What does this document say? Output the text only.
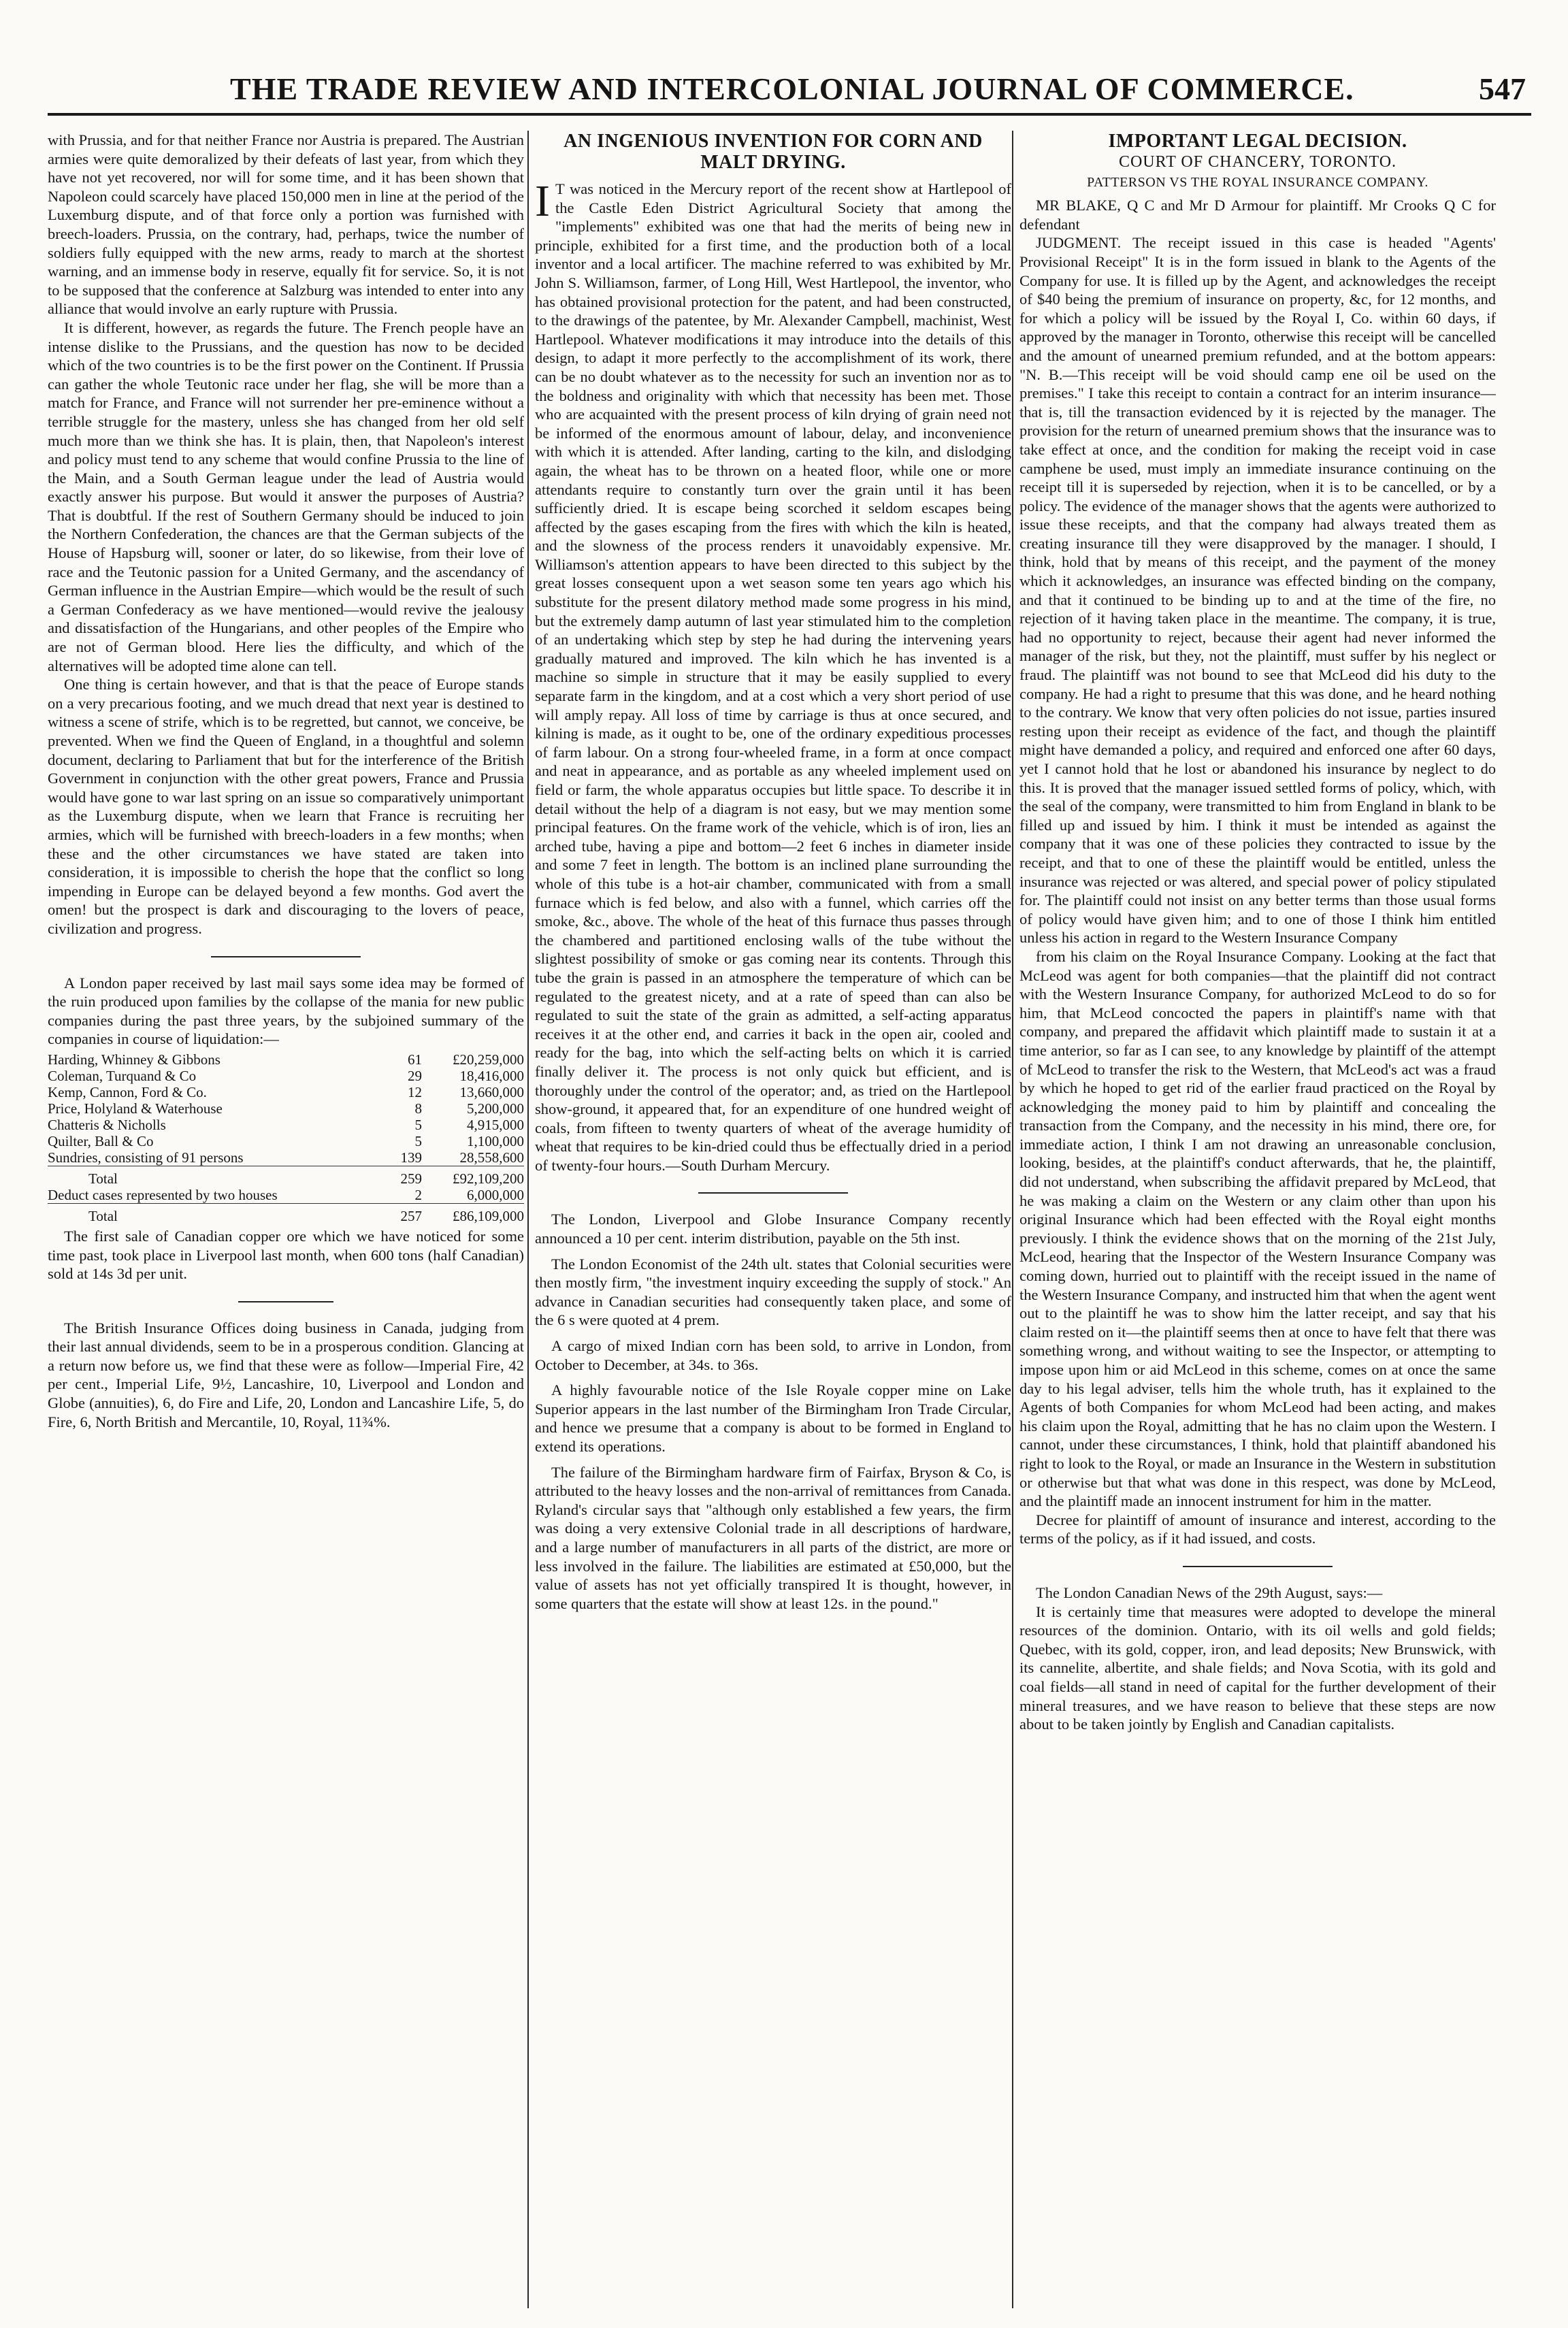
THE TRADE REVIEW AND INTERCOLONIAL JOURNAL OF COMMERCE.	547

with Prussia, and for that neither France nor Austria is prepared. The Austrian armies were quite demoralized by their defeats of last year, from which they have not yet recovered, nor will for some time, and it has been shown that Napoleon could scarcely have placed 150,000 men in line at the period of the Luxemburg dispute, and of that force only a portion was furnished with breech-loaders. Prussia, on the contrary, had, perhaps, twice the number of soldiers fully equipped with the new arms, ready to march at the shortest warning, and an immense body in reserve, equally fit for service. So, it is not to be supposed that the conference at Salzburg was intended to enter into any alliance that would involve an early rupture with Prussia.

It is different, however, as regards the future. The French people have an intense dislike to the Prussians, and the question has now to be decided which of the two countries is to be the first power on the Continent. If Prussia can gather the whole Teutonic race under her flag, she will be more than a match for France, and France will not surrender her pre-eminence without a terrible struggle for the mastery, unless she has changed from her old self much more than we think she has. It is plain, then, that Napoleon's interest and policy must tend to any scheme that would confine Prussia to the line of the Main, and a South German league under the lead of Austria would exactly answer his purpose. But would it answer the purposes of Austria? That is doubtful. If the rest of Southern Germany should be induced to join the Northern Confederation, the chances are that the German subjects of the House of Hapsburg will, sooner or later, do so likewise, from their love of race and the Teutonic passion for a United Germany, and the ascendancy of German influence in the Austrian Empire—which would be the result of such a German Confederacy as we have mentioned—would revive the jealousy and dissatisfaction of the Hungarians, and other peoples of the Empire who are not of German blood. Here lies the difficulty, and which of the alternatives will be adopted time alone can tell.

One thing is certain however, and that is that the peace of Europe stands on a very precarious footing, and we much dread that next year is destined to witness a scene of strife, which is to be regretted, but cannot, we conceive, be prevented. When we find the Queen of England, in a thoughtful and solemn document, declaring to Parliament that but for the interference of the British Government in conjunction with the other great powers, France and Prussia would have gone to war last spring on an issue so comparatively unimportant as the Luxemburg dispute, when we learn that France is recruiting her armies, which will be furnished with breech-loaders in a few months; when these and the other circumstances we have stated are taken into consideration, it is impossible to cherish the hope that the conflict so long impending in Europe can be delayed beyond a few months. God avert the omen! but the prospect is dark and discouraging to the lovers of peace, civilization and progress.

A London paper received by last mail says some idea may be formed of the ruin produced upon families by the collapse of the mania for new public companies during the past three years, by the subjoined summary of the companies in course of liquidation:—

Harding, Whinney & Gibbons	61	£20,259,000
Coleman, Turquand & Co	29	18,416,000
Kemp, Cannon, Ford & Co.	12	13,660,000
Price, Holyland & Waterhouse	8	5,200,000
Chatteris & Nicholls	5	4,915,000
Quilter, Ball & Co	5	1,100,000
Sundries, consisting of 91 persons	139	28,558,600
Total	259	£92,109,200
Deduct cases represented by two houses	2	6,000,000
Total	257	£86,109,000

The first sale of Canadian copper ore which we have noticed for some time past, took place in Liverpool last month, when 600 tons (half Canadian) sold at 14s 3d per unit.

The British Insurance Offices doing business in Canada, judging from their last annual dividends, seem to be in a prosperous condition. Glancing at a return now before us, we find that these were as follow—Imperial Fire, 42 per cent., Imperial Life, 9½, Lancashire, 10, Liverpool and London and Globe (annuities), 6, do Fire and Life, 20, London and Lancashire Life, 5, do Fire, 6, North British and Mercantile, 10, Royal, 11¾%.

AN INGENIOUS INVENTION FOR CORN AND MALT DRYING.

I T was noticed in the Mercury report of the recent show at Hartlepool of the Castle Eden District Agricultural Society that among the "implements" exhibited was one that had the merits of being new in principle, exhibited for a first time, and the production both of a local inventor and a local artificer. The machine referred to was exhibited by Mr. John S. Williamson, farmer, of Long Hill, West Hartlepool, the inventor, who has obtained provisional protection for the patent, and had been constructed, to the drawings of the patentee, by Mr. Alexander Campbell, machinist, West Hartlepool. Whatever modifications it may introduce into the details of this design, to adapt it more perfectly to the accomplishment of its work, there can be no doubt whatever as to the necessity for such an invention nor as to the boldness and originality with which that necessity has been met. Those who are acquainted with the present process of kiln drying of grain need not be informed of the enormous amount of labour, delay, and inconvenience with which it is attended. After landing, carting to the kiln, and dislodging again, the wheat has to be thrown on a heated floor, while one or more attendants require to constantly turn over the grain until it has been sufficiently dried. It is escape being scorched it seldom escapes being affected by the gases escaping from the fires with which the kiln is heated, and the slowness of the process renders it unavoidably expensive. Mr. Williamson's attention appears to have been directed to this subject by the great losses consequent upon a wet season some ten years ago which his substitute for the present dilatory method made some progress in his mind, but the extremely damp autumn of last year stimulated him to the completion of an undertaking which step by step he had during the intervening years gradually matured and improved. The kiln which he has invented is a machine so simple in structure that it may be easily supplied to every separate farm in the kingdom, and at a cost which a very short period of use will amply repay. All loss of time by carriage is thus at once secured, and kilning is made, as it ought to be, one of the ordinary expeditious processes of farm labour. On a strong four-wheeled frame, in a form at once compact and neat in appearance, and as portable as any wheeled implement used on field or farm, the whole apparatus occupies but little space. To describe it in detail without the help of a diagram is not easy, but we may mention some principal features. On the frame work of the vehicle, which is of iron, lies an arched tube, having a pipe and bottom—2 feet 6 inches in diameter inside and some 7 feet in length. The bottom is an inclined plane surrounding the whole of this tube is a hot-air chamber, communicated with from a small furnace which is fed below, and also with a funnel, which carries off the smoke, &c., above. The whole of the heat of this furnace thus passes through the chambered and partitioned enclosing walls of the tube without the slightest possibility of smoke or gas coming near its contents. Through this tube the grain is passed in an atmosphere the temperature of which can be regulated to the greatest nicety, and at a rate of speed than can also be regulated to suit the state of the grain as admitted, a self-acting apparatus receives it at the other end, and carries it back in the open air, cooled and ready for the bag, into which the self-acting belts on which it is carried finally deliver it. The process is not only quick but efficient, and is thoroughly under the control of the operator; and, as tried on the Hartlepool show-ground, it appeared that, for an expenditure of one hundred weight of coals, from fifteen to twenty quarters of wheat of the average humidity of wheat that requires to be kin-dried could thus be effectually dried in a period of twenty-four hours.—South Durham Mercury.

The London, Liverpool and Globe Insurance Company recently announced a 10 per cent. interim distribution, payable on the 5th inst.

The London Economist of the 24th ult. states that Colonial securities were then mostly firm, "the investment inquiry exceeding the supply of stock." An advance in Canadian securities had consequently taken place, and some of the 6 s were quoted at 4 prem.

A cargo of mixed Indian corn has been sold, to arrive in London, from October to December, at 34s. to 36s.

A highly favourable notice of the Isle Royale copper mine on Lake Superior appears in the last number of the Birmingham Iron Trade Circular, and hence we presume that a company is about to be formed in England to extend its operations.

The failure of the Birmingham hardware firm of Fairfax, Bryson & Co, is attributed to the heavy losses and the non-arrival of remittances from Canada. Ryland's circular says that "although only established a few years, the firm was doing a very extensive Colonial trade in all descriptions of hardware, and a large number of manufacturers in all parts of the district, are more or less involved in the failure. The liabilities are estimated at £50,000, but the value of assets has not yet officially transpired It is thought, however, in some quarters that the estate will show at least 12s. in the pound."

IMPORTANT LEGAL DECISION.
COURT OF CHANCERY, TORONTO.
PATTERSON VS THE ROYAL INSURANCE COMPANY.

MR BLAKE, Q C and Mr D Armour for plaintiff. Mr Crooks Q C for defendant

JUDGMENT. The receipt issued in this case is headed "Agents' Provisional Receipt" It is in the form issued in blank to the Agents of the Company for use. It is filled up by the Agent, and acknowledges the receipt of $40 being the premium of insurance on property, &c, for 12 months, and for which a policy will be issued by the Royal I, Co. within 60 days, if approved by the manager in Toronto, otherwise this receipt will be cancelled and the amount of unearned premium refunded, and at the bottom appears: "N. B.—This receipt will be void should camp ene oil be used on the premises." I take this receipt to contain a contract for an interim insurance—that is, till the transaction evidenced by it is rejected by the manager. The provision for the return of unearned premium shows that the insurance was to take effect at once, and the condition for making the receipt void in case camphene be used, must imply an immediate insurance continuing on the receipt till it is superseded by rejection, when it is to be cancelled, or by a policy. The evidence of the manager shows that the agents were authorized to issue these receipts, and that the company had always treated them as creating insurance till they were disapproved by the manager. I should, I think, hold that by means of this receipt, and the payment of the money which it acknowledges, an insurance was effected binding on the company, and that it continued to be binding up to and at the time of the fire, no rejection of it having taken place in the meantime. The company, it is true, had no opportunity to reject, because their agent had never informed the manager of the risk, but they, not the plaintiff, must suffer by his neglect or fraud. The plaintiff was not bound to see that McLeod did his duty to the company. He had a right to presume that this was done, and he heard nothing to the contrary. We know that very often policies do not issue, parties insured resting upon their receipt as evidence of the fact, and though the plaintiff might have demanded a policy, and required and enforced one after 60 days, yet I cannot hold that he lost or abandoned his insurance by neglect to do this. It is proved that the manager issued settled forms of policy, which, with the seal of the company, were transmitted to him from England in blank to be filled up and issued by him. I think it must be intended as against the company that it was one of these policies they contracted to issue by the receipt, and that to one of these the plaintiff would be entitled, unless the insurance was rejected or was altered, and special power of policy stipulated for. The plaintiff could not insist on any better terms than those usual forms of policy would have given him; and to one of those I think him entitled unless his action in regard to the Western Insurance Company

from his claim on the Royal Insurance Company. Looking at the fact that McLeod was agent for both companies—that the plaintiff did not contract with the Western Insurance Company, for authorized McLeod to do so for him, that McLeod concocted the papers in plaintiff's name with that company, and prepared the affidavit which plaintiff made to sustain it at a time anterior, so far as I can see, to any knowledge by plaintiff of the attempt of McLeod to transfer the risk to the Western, that McLeod's act was a fraud by which he hoped to get rid of the earlier fraud practiced on the Royal by acknowledging the money paid to him by plaintiff and concealing the transaction from the Company, and the necessity in his mind, there ore, for immediate action, I think I am not drawing an unreasonable conclusion, looking, besides, at the plaintiff's conduct afterwards, that he, the plaintiff, did not understand, when subscribing the affidavit prepared by McLeod, that he was making a claim on the Western or any claim other than upon his original Insurance which had been effected with the Royal eight months previously. I think the evidence shows that on the morning of the 21st July, McLeod, hearing that the Inspector of the Western Insurance Company was coming down, hurried out to plaintiff with the receipt issued in the name of the Western Insurance Company, and instructed him that when the agent went out to the plaintiff he was to show him the latter receipt, and say that his claim rested on it—the plaintiff seems then at once to have felt that there was something wrong, and without waiting to see the Inspector, or attempting to impose upon him or aid McLeod in this scheme, comes on at once the same day to his legal adviser, tells him the whole truth, has it explained to the Agents of both Companies for whom McLeod had been acting, and makes his claim upon the Royal, admitting that he has no claim upon the Western. I cannot, under these circumstances, I think, hold that plaintiff abandoned his right to look to the Royal, or made an Insurance in the Western in substitution or otherwise but that what was done in this respect, was done by McLeod, and the plaintiff made an innocent instrument for him in the matter.

Decree for plaintiff of amount of insurance and interest, according to the terms of the policy, as if it had issued, and costs.

The London Canadian News of the 29th August, says:—

It is certainly time that measures were adopted to develope the mineral resources of the dominion. Ontario, with its oil wells and gold fields; Quebec, with its gold, copper, iron, and lead deposits; New Brunswick, with its cannelite, albertite, and shale fields; and Nova Scotia, with its gold and coal fields—all stand in need of capital for the further development of their mineral treasures, and we have reason to believe that these steps are now about to be taken jointly by English and Canadian capitalists.
